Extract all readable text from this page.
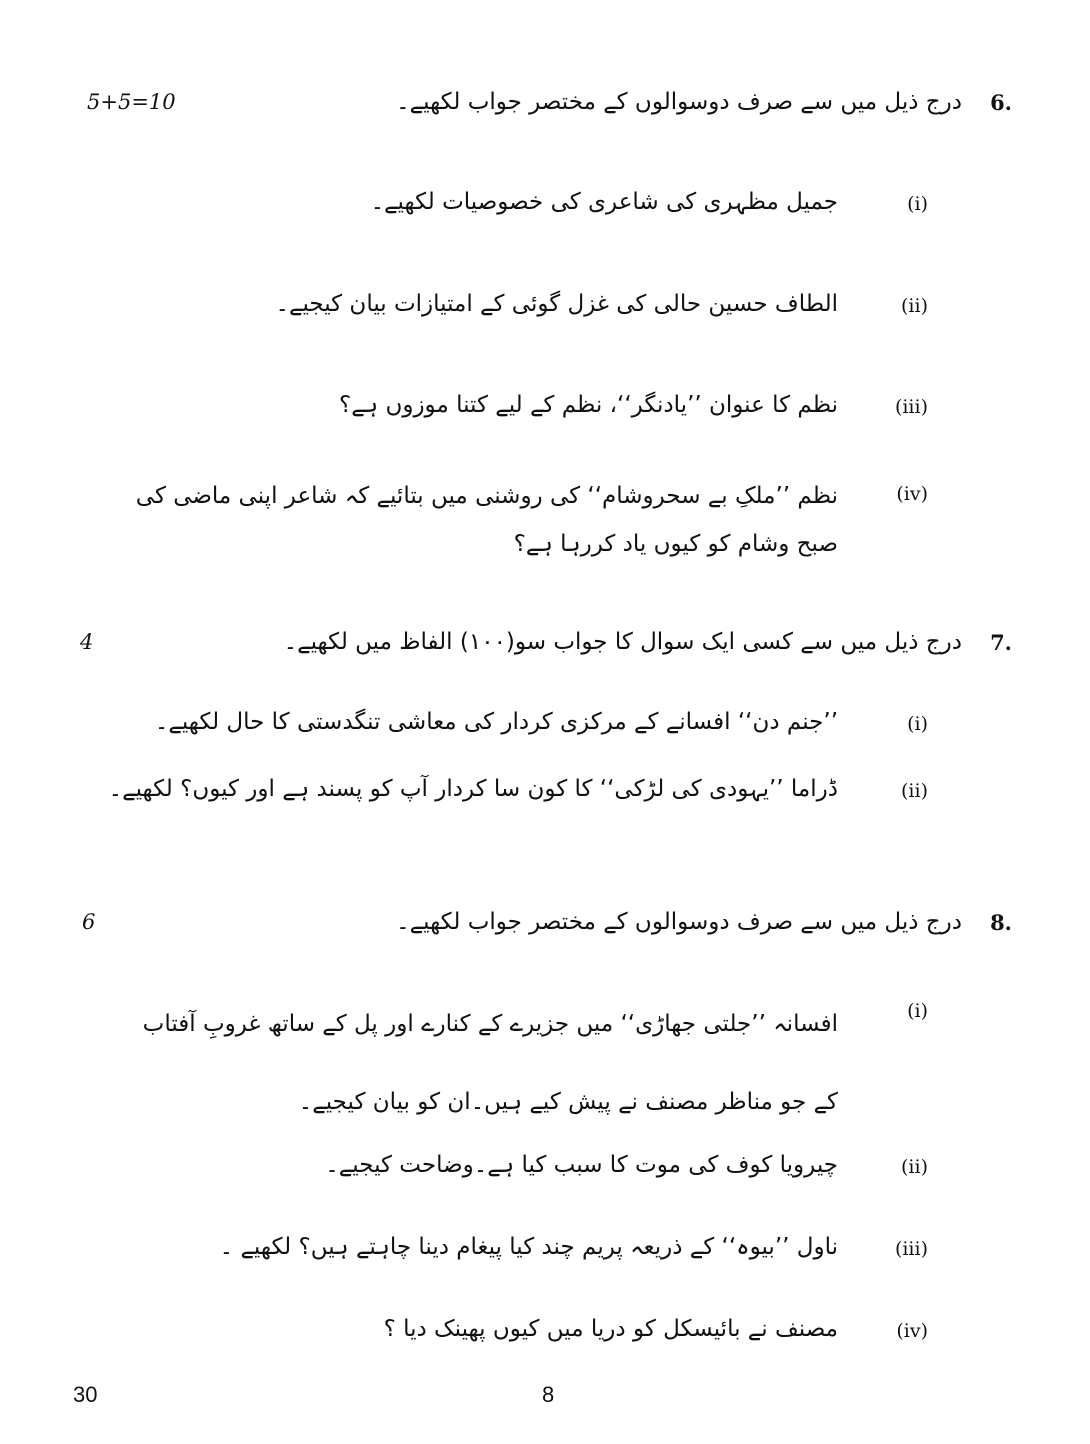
6.
5+5=10	درج ذیل میں سے صرف دوسوالوں کے مختصر جواب لکھیے۔
(i)
جمیل مظہری کی شاعری کی خصوصیات لکھیے۔
(ii)
الطاف حسین حالی کی غزل گوئی کے امتیازات بیان کیجیے۔
(iii)
نظم کا عنوان ’’یادنگر‘‘، نظم کے لیے کتنا موزوں ہے؟
(iv)
نظم ’’ملکِ بے سحروشام‘‘ کی روشنی میں بتائیے کہ شاعر اپنی ماضی کی صبح وشام کو کیوں یاد کررہا ہے؟
7.
4	درج ذیل میں سے کسی ایک سوال کا جواب سو(۱۰۰) الفاظ میں لکھیے۔
(i)
’’جنم دن‘‘ افسانے کے مرکزی کردار کی معاشی تنگدستی کا حال لکھیے۔
(ii)
ڈراما ’’یہودی کی لڑکی‘‘ کا کون سا کردار آپ کو پسند ہے اور کیوں؟ لکھیے۔
8.
6	درج ذیل میں سے صرف دوسوالوں کے مختصر جواب لکھیے۔
(i)
افسانہ ’’جلتی جھاڑی‘‘ میں جزیرے کے کنارے اور پل کے ساتھ غروبِ آفتاب کے جو مناظر مصنف نے پیش کیے ہیں۔ان کو بیان کیجیے۔
(ii)
چیرویا کوف کی موت کا سبب کیا ہے۔وضاحت کیجیے۔
(iii)
ناول ’’بیوہ‘‘ کے ذریعہ پریم چند کیا پیغام دینا چاہتے ہیں؟ لکھیے ۔
(iv)
مصنف نے بائیسکل کو دریا میں کیوں پھینک دیا ؟
30	8
